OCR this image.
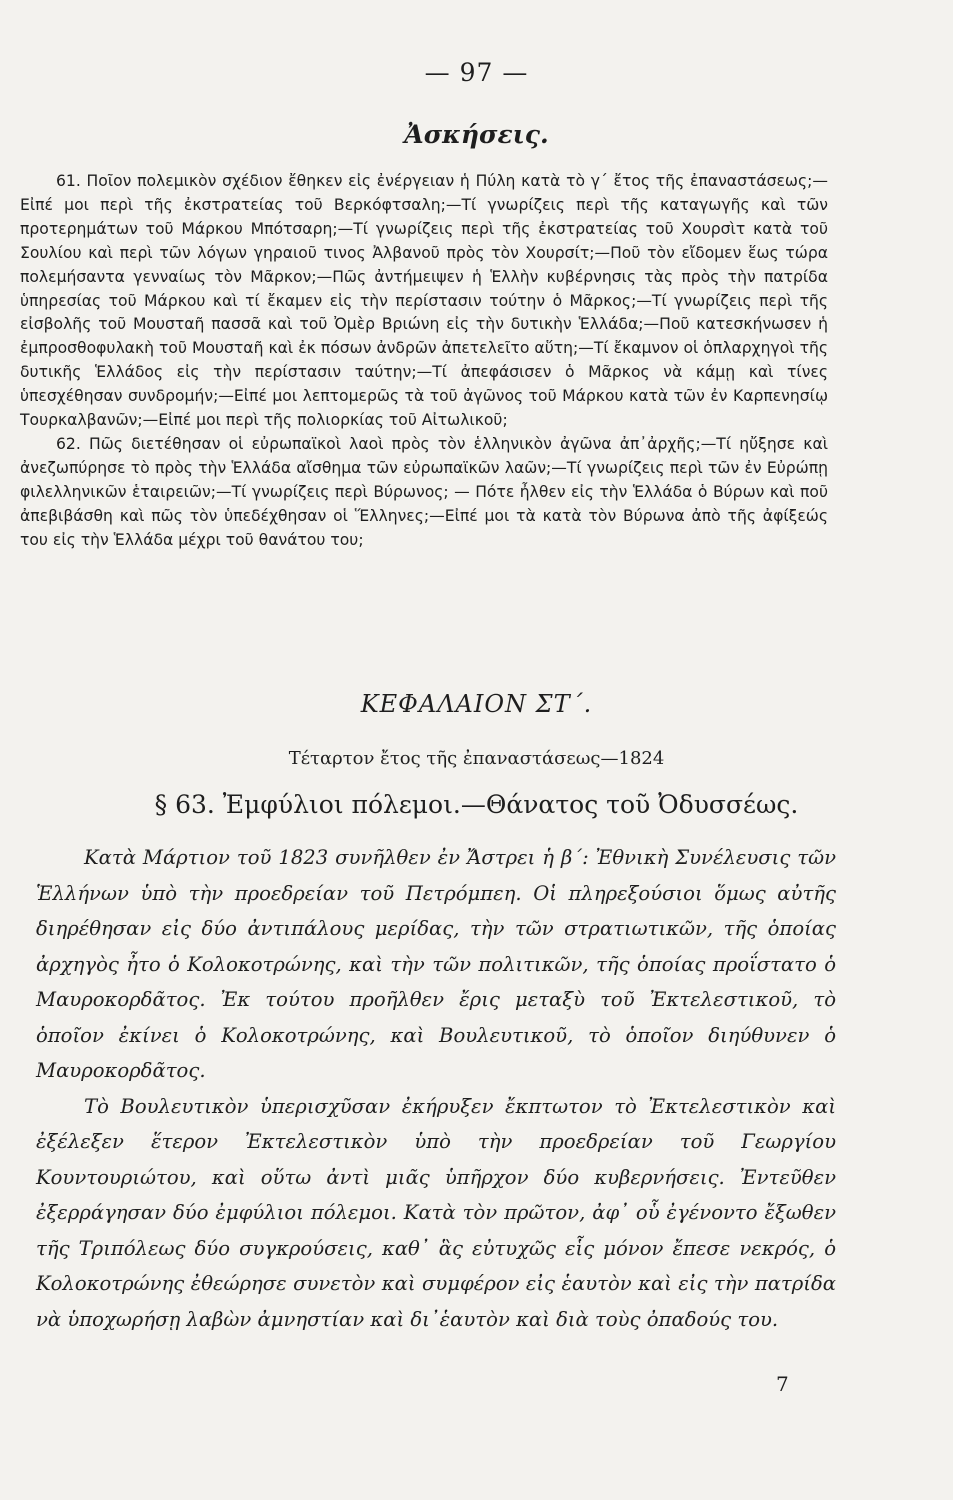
— 97 —
Ἀσκήσεις.

61. Ποῖον πολεμικὸν σχέδιον ἔθηκεν εἰς ἐνέργειαν ἡ Πύλη κατὰ τὸ γ΄ ἔτος τῆς ἐπαναστάσεως;—Εἰπέ μοι περὶ τῆς ἐκστρατείας τοῦ Βερκόφτσαλη;—Τί γνωρίζεις περὶ τῆς καταγωγῆς καὶ τῶν προτερημάτων τοῦ Μάρκου Μπότσαρη;—Τί γνωρίζεις περὶ τῆς ἐκστρατείας τοῦ Χουρσὶτ κατὰ τοῦ Σουλίου καὶ περὶ τῶν λόγων γηραιοῦ τινος Ἀλβανοῦ πρὸς τὸν Χουρσίτ;—Ποῦ τὸν εἴδομεν ἕως τώρα πολεμήσαντα γενναίως τὸν Μᾶρκον;—Πῶς ἀντήμειψεν ἡ Ἑλλὴν κυβέρνησις τὰς πρὸς τὴν πατρίδα ὑπηρεσίας τοῦ Μάρκου καὶ τί ἔκαμεν εἰς τὴν περίστασιν τούτην ὁ Μᾶρκος;—Τί γνωρίζεις περὶ τῆς εἰσβολῆς τοῦ Μουσταῆ πασσᾶ καὶ τοῦ Ὀμὲρ Βριώνη εἰς τὴν δυτικὴν Ἑλλάδα;—Ποῦ κατεσκήνωσεν ἡ ἐμπροσθοφυλακὴ τοῦ Μουσταῆ καὶ ἐκ πόσων ἀνδρῶν ἀπετελεῖτο αὕτη;—Τί ἔκαμνον οἱ ὁπλαρχηγοὶ τῆς δυτικῆς Ἑλλάδος εἰς τὴν περίστασιν ταύτην;—Τί ἀπεφάσισεν ὁ Μᾶρκος νὰ κάμῃ καὶ τίνες ὑπεσχέθησαν συνδρομήν;—Εἰπέ μοι λεπτομερῶς τὰ τοῦ ἀγῶνος τοῦ Μάρκου κατὰ τῶν ἐν Καρπενησίῳ Τουρκαλβανῶν;—Εἰπέ μοι περὶ τῆς πολιορκίας τοῦ Αἰτωλικοῦ;

62. Πῶς διετέθησαν οἱ εὐρωπαϊκοὶ λαοὶ πρὸς τὸν ἑλληνικὸν ἀγῶνα ἀπ᾽ἀρχῆς;—Τί ηὔξησε καὶ ἀνεζωπύρησε τὸ πρὸς τὴν Ἑλλάδα αἴσθημα τῶν εὐρωπαϊκῶν λαῶν;—Τί γνωρίζεις περὶ τῶν ἐν Εὐρώπῃ φιλελληνικῶν ἑταιρειῶν;—Τί γνωρίζεις περὶ Βύρωνος; — Πότε ἦλθεν εἰς τὴν Ἑλλάδα ὁ Βύρων καὶ ποῦ ἀπεβιβάσθη καὶ πῶς τὸν ὑπεδέχθησαν οἱ Ἕλληνες;—Εἰπέ μοι τὰ κατὰ τὸν Βύρωνα ἀπὸ τῆς ἀφίξεώς του εἰς τὴν Ἑλλάδα μέχρι τοῦ θανάτου του;

ΚΕΦΑΛΑΙΟΝ ΣΤ΄.
Τέταρτον ἔτος τῆς ἐπαναστάσεως—1824
§ 63. Ἐμφύλιοι πόλεμοι.—Θάνατος τοῦ Ὀδυσσέως.

Κατὰ Μάρτιον τοῦ 1823 συνῆλθεν ἐν Ἄστρει ἡ β΄: Ἐθνικὴ Συνέλευσις τῶν Ἑλλήνων ὑπὸ τὴν προεδρείαν τοῦ Πετρόμπεη. Οἱ πληρεξούσιοι ὅμως αὐτῆς διηρέθησαν εἰς δύο ἀντιπάλους μερίδας, τὴν τῶν στρατιωτικῶν, τῆς ὁποίας ἀρχηγὸς ἦτο ὁ Κολοκοτρώνης, καὶ τὴν τῶν πολιτικῶν, τῆς ὁποίας προΐστατο ὁ Μαυροκορδᾶτος. Ἐκ τούτου προῆλθεν ἔρις μεταξὺ τοῦ Ἐκτελεστικοῦ, τὸ ὁποῖον ἐκίνει ὁ Κολοκοτρώνης, καὶ Βουλευτικοῦ, τὸ ὁποῖον διηύθυνεν ὁ Μαυροκορδᾶτος.

Τὸ Βουλευτικὸν ὑπερισχῦσαν ἐκήρυξεν ἔκπτωτον τὸ Ἐκτελεστικὸν καὶ ἐξέλεξεν ἕτερον Ἐκτελεστικὸν ὑπὸ τὴν προεδρείαν τοῦ Γεωργίου Κουντουριώτου, καὶ οὕτω ἀντὶ μιᾶς ὑπῆρχον δύο κυβερνήσεις. Ἐντεῦθεν ἐξερράγησαν δύο ἐμφύλιοι πόλεμοι. Κατὰ τὸν πρῶτον, ἀφ᾽ οὗ ἐγένοντο ἔξωθεν τῆς Τριπόλεως δύο συγκρούσεις, καθ᾽ ἃς εὐτυχῶς εἷς μόνον ἔπεσε νεκρός, ὁ Κολοκοτρώνης ἐθεώρησε συνετὸν καὶ συμφέρον εἰς ἑαυτὸν καὶ εἰς τὴν πατρίδα νὰ ὑποχωρήσῃ λαβὼν ἀμνηστίαν καὶ δι᾽ἑαυτὸν καὶ διὰ τοὺς ὀπαδούς του.

7
